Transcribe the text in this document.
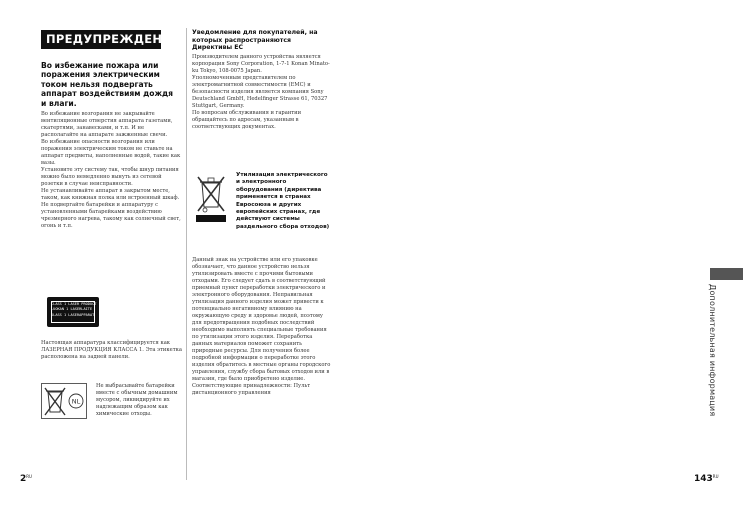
ПРЕДУПРЕЖДЕНИЕ
Во избежание пожара или поражения электрическим током нельзя подвергать аппарат воздействиям дождя и влаги.

Во избежание возгорания не закрывайте вентиляционные отверстия аппарата газетами, скатертями, занавесками, и т.п. И не располагайте на аппарате зажженные свечи.

Во избежание опасности возгорания или поражения электрическим током не ставьте на аппарат предметы, наполненные водой, такие как вазы.

Установите эту систему так, чтобы шнур питания можно было немедленно вынуть из сетевой розетки в случае неисправности.

Не устанавливайте аппарат в закрытом месте, таком, как книжная полка или встроенный шкаф.

Не подвергайте батарейки и аппаратуру с установленными батарейками воздействию чрезмерного нагрева, такому как солнечный свет, огонь и т.п.

CLASS 1 LASER PRODUCT
LUOKAN 1 LASERLAITE
KLASS 1 LASERAPPARAT

Настоящая аппаратура классифицируется как ЛАЗЕРНАЯ ПРОДУКЦИЯ КЛАССА 1. Эта этикетка расположена на задней панели.

NL

Не выбрасывайте батарейки вместе с обычным домашним мусором, ликвидируйте их надлежащим образом как химические отходы.

Уведомление для покупателей, на которых распространяются Директивы ЕС

Производителем данного устройства является корпорация Sony Corporation, 1-7-1 Konan Minato-ku Tokyo, 108-0075 Japan.

Уполномоченным представителем по электромагнитной совместимости (EMC) и безопасности изделия является компания Sony Deutschland GmbH, Hedelfinger Strasse 61, 70327 Stuttgart, Germany.

По вопросам обслуживания и гарантии обращайтесь по адресам, указанным в соответствующих документах.

Утилизация электрического и электронного оборудования (директива применяется в странах Евросоюза и других европейских странах, где действуют системы раздельного сбора отходов)

Данный знак на устройстве или его упаковке обозначает, что данное устройство нельзя утилизировать вместе с прочими бытовыми отходами. Его следует сдать в соответствующий приемный пункт переработки электрического и электронного оборудования. Неправильная утилизация данного изделия может привести к потенциально негативному влиянию на окружающую среду и здоровье людей, поэтому для предотвращения подобных последствий необходимо выполнять специальные требования по утилизации этого изделия. Переработка данных материалов поможет сохранить природные ресурсы. Для получения более подробной информации о переработке этого изделия обратитесь в местные органы городского управления, службу сбора бытовых отходов или в магазин, где было приобретено изделие.

Соответствующие принадлежности: Пульт дистанционного управления

$2^{RU}$	$143^{RU}$
Дополнительная информация
